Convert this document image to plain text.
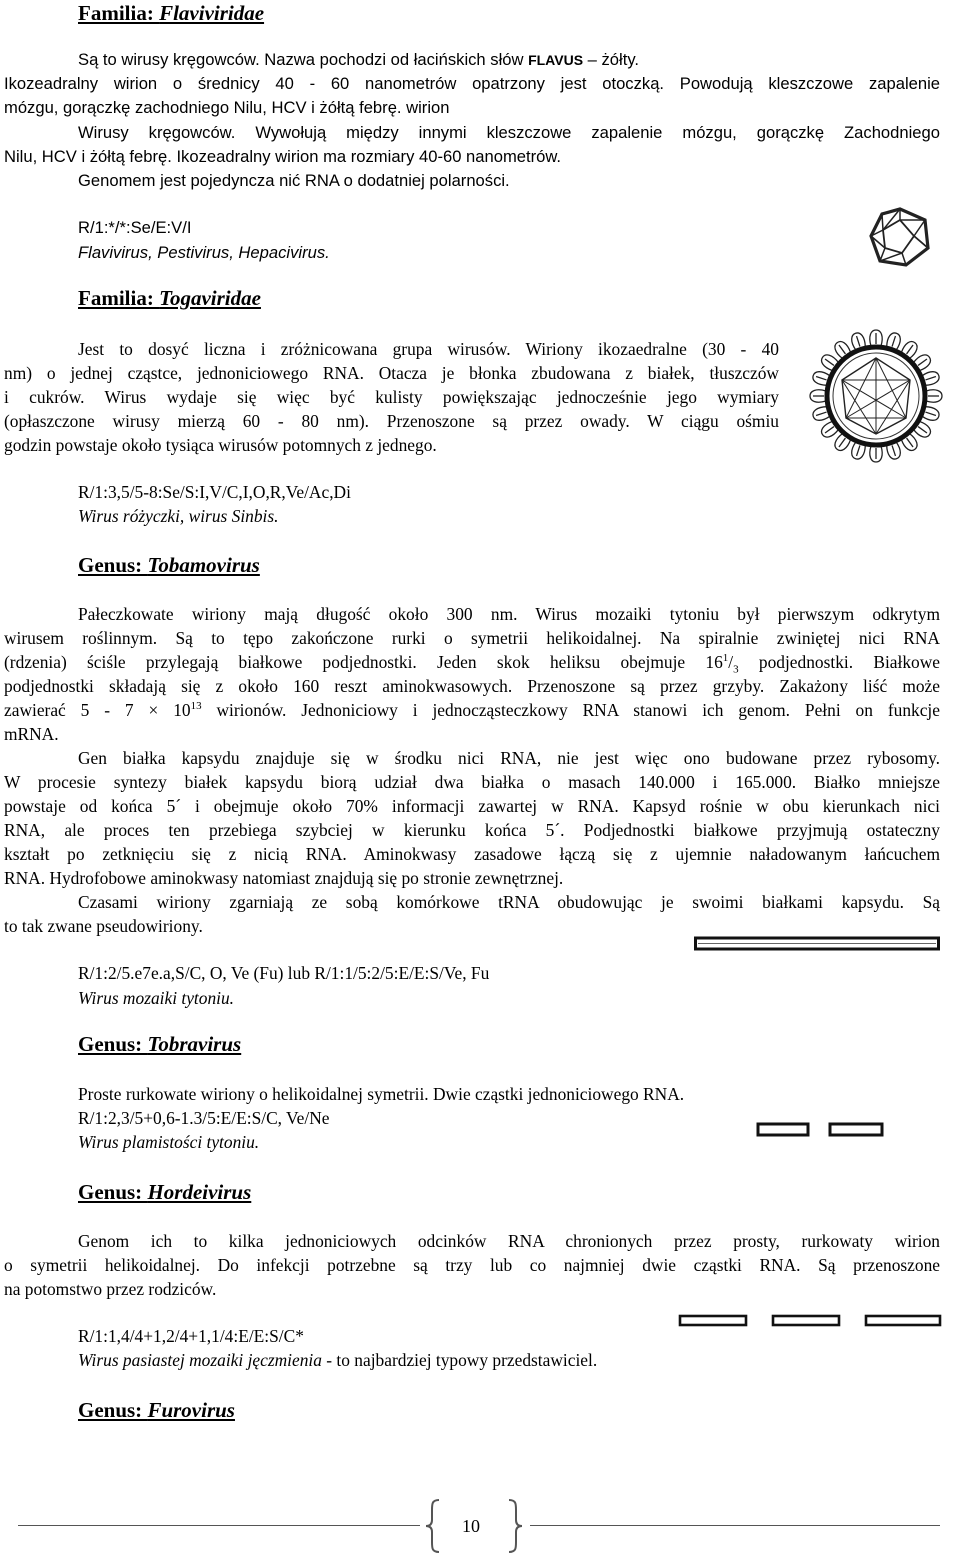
Familia: Flaviviridae
Są to wirusy kręgowców. Nazwa pochodzi od łacińskich słów FLAVUS – żółty.
Ikozeadralny wirion o średnicy 40 - 60 nanometrów opatrzony jest otoczką. Powodują kleszczowe zapalenie
mózgu, gorączkę zachodniego Nilu, HCV i żółtą febrę. wirion
Wirusy kręgowców. Wywołują między innymi kleszczowe zapalenie mózgu, gorączkę Zachodniego
Nilu, HCV i żółtą febrę. Ikozeadralny wirion ma rozmiary 40-60 nanometrów.
Genomem jest pojedyncza nić RNA o dodatniej polarności.
R/1:*/*:Se/E:V/I
Flavivirus, Pestivirus, Hepacivirus.
Familia: Togaviridae
Jest to dosyć liczna i zróżnicowana grupa wirusów. Wiriony ikozaedralne (30 - 40
nm) o jednej cząstce, jednoniciowego RNA. Otacza je błonka zbudowana z białek, tłuszczów
i cukrów. Wirus wydaje się więc być kulisty powiększając jednocześnie jego wymiary
(opłaszczone wirusy mierzą 60 - 80 nm). Przenoszone są przez owady. W ciągu ośmiu
godzin powstaje około tysiąca wirusów potomnych z jednego.
R/1:3,5/5-8:Se/S:I,V/C,I,O,R,Ve/Ac,Di
Wirus różyczki, wirus Sinbis.
Genus: Tobamovirus
Pałeczkowate wiriony mają długość około 300 nm. Wirus mozaiki tytoniu był pierwszym odkrytym
wirusem roślinnym. Są to tępo zakończone rurki o symetrii helikoidalnej. Na spiralnie zwiniętej nici RNA
(rdzenia) ściśle przylegają białkowe podjednostki. Jeden skok heliksu obejmuje $16^1/_3$ podjednostki. Białkowe
podjednostki składają się z około 160 reszt aminokwasowych. Przenoszone są przez grzyby. Zakażony liść może
zawierać $5 - 7 \times 10^{13}$ wirionów. Jednoniciowy i jednocząsteczkowy RNA stanowi ich genom. Pełni on funkcje
mRNA.
Gen białka kapsydu znajduje się w środku nici RNA, nie jest więc ono budowane przez rybosomy.
W procesie syntezy białek kapsydu biorą udział dwa białka o masach 140.000 i 165.000. Białko mniejsze
powstaje od końca 5´ i obejmuje około 70% informacji zawartej w RNA. Kapsyd rośnie w obu kierunkach nici
RNA, ale proces ten przebiega szybciej w kierunku końca 5´. Podjednostki białkowe przyjmują ostateczny
kształt po zetknięciu się z nicią RNA. Aminokwasy zasadowe łączą się z ujemnie naładowanym łańcuchem
RNA. Hydrofobowe aminokwasy natomiast znajdują się po stronie zewnętrznej.
Czasami wiriony zgarniają ze sobą komórkowe tRNA obudowując je swoimi białkami kapsydu. Są
to tak zwane pseudowiriony.
R/1:2/5.e7e.a,S/C, O, Ve (Fu) lub R/1:1/5:2/5:E/E:S/Ve, Fu
Wirus mozaiki tytoniu.
Genus: Tobravirus
Proste rurkowate wiriony o helikoidalnej symetrii. Dwie cząstki jednoniciowego RNA.
R/1:2,3/5+0,6-1.3/5:E/E:S/C, Ve/Ne
Wirus plamistości tytoniu.
Genus: Hordeivirus
Genom ich to kilka jednoniciowych odcinków RNA chronionych przez prosty, rurkowaty wirion
o symetrii helikoidalnej. Do infekcji potrzebne są trzy lub co najmniej dwie cząstki RNA. Są przenoszone
na potomstwo przez rodziców.
R/1:1,4/4+1,2/4+1,1/4:E/E:S/C*
Wirus pasiastej mozaiki jęczmienia - to najbardziej typowy przedstawiciel.
Genus: Furovirus
10
